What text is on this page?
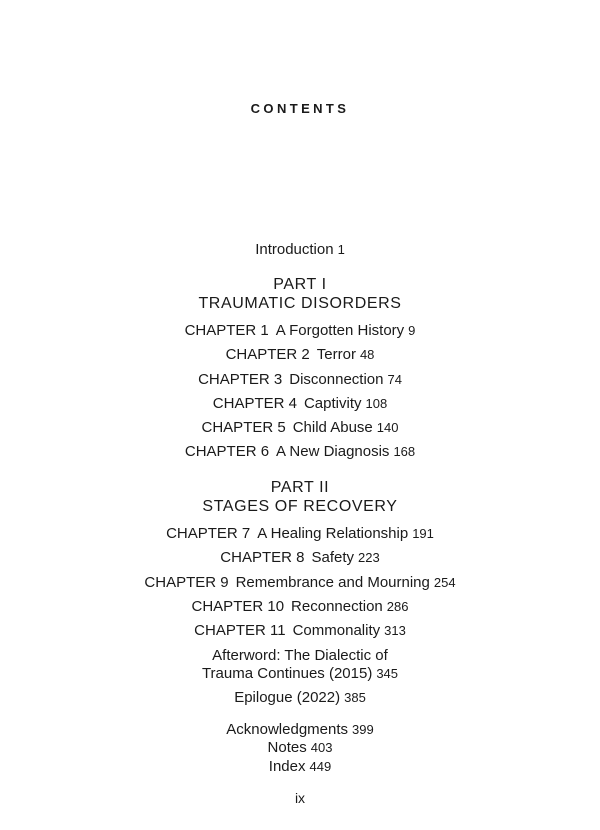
CONTENTS
Introduction 1
PART I
TRAUMATIC DISORDERS
CHAPTER 1 A Forgotten History 9
CHAPTER 2 Terror 48
CHAPTER 3 Disconnection 74
CHAPTER 4 Captivity 108
CHAPTER 5 Child Abuse 140
CHAPTER 6 A New Diagnosis 168
PART II
STAGES OF RECOVERY
CHAPTER 7 A Healing Relationship 191
CHAPTER 8 Safety 223
CHAPTER 9 Remembrance and Mourning 254
CHAPTER 10 Reconnection 286
CHAPTER 11 Commonality 313
Afterword: The Dialectic of
Trauma Continues (2015) 345
Epilogue (2022) 385
Acknowledgments 399
Notes 403
Index 449
ix
